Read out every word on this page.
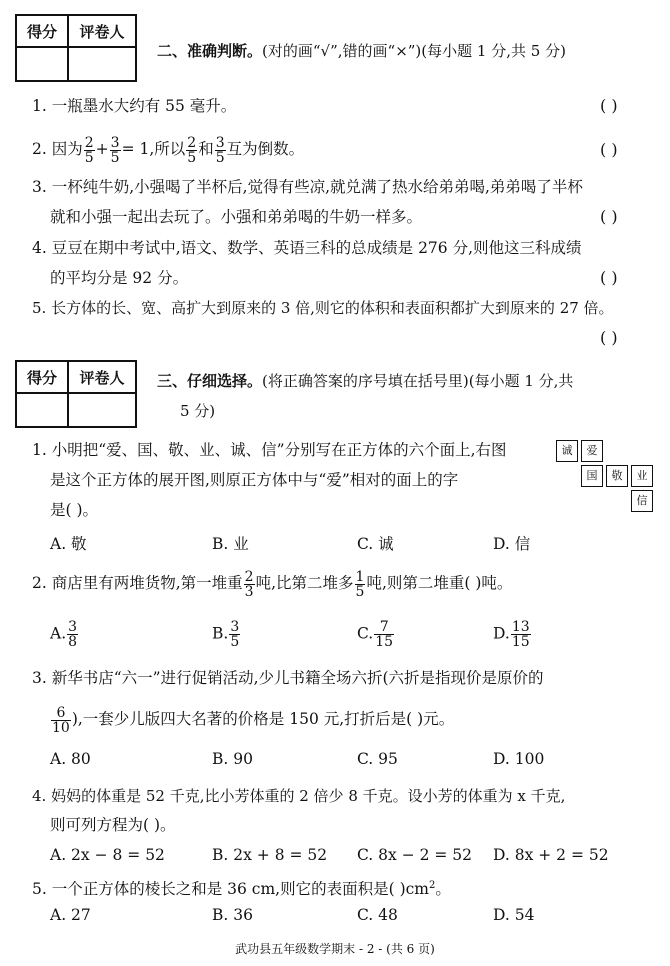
得分	评卷人

二、准确判断。(对的画“√”,错的画“×”)(每小题 1 分,共 5 分)
1. 一瓶墨水大约有 55 毫升。	( )
2. 因为 $\frac{2}{5} + \frac{3}{5} = 1$,所以 $\frac{2}{5}$ 和 $\frac{3}{5}$ 互为倒数。	( )
3. 一杯纯牛奶,小强喝了半杯后,觉得有些凉,就兑满了热水给弟弟喝,弟弟喝了半杯
就和小强一起出去玩了。小强和弟弟喝的牛奶一样多。	( )
4. 豆豆在期中考试中,语文、数学、英语三科的总成绩是 276 分,则他这三科成绩
的平均分是 92 分。	( )
5. 长方体的长、宽、高扩大到原来的 3 倍,则它的体积和表面积都扩大到原来的 27 倍。
( )
得分	评卷人
	三、仔细选择。(将正确答案的序号填在括号里)(每小题 1 分,共
5 分)
1. 小明把“爱、国、敬、业、诚、信”分别写在正方体的六个面上,右图
是这个正方体的展开图,则原正方体中与“爱”相对的面上的字
是( )。
诚	爱
国	敬	业
信
A. 敬	B. 业	C. 诚	D. 信
2. 商店里有两堆货物,第一堆重 $\frac{2}{3}$ 吨,比第二堆多 $\frac{1}{5}$ 吨,则第二堆重( )吨。
A. $\frac{3}{8}$	B. $\frac{3}{5}$	C. $\frac{7}{15}$	D. $\frac{13}{15}$
3. 新华书店“六一”进行促销活动,少儿书籍全场六折(六折是指现价是原价的
$\frac{6}{10}$ ),一套少儿版四大名著的价格是 150 元,打折后是( )元。
A. 80	B. 90	C. 95	D. 100
4. 妈妈的体重是 52 千克,比小芳体重的 2 倍少 8 千克。设小芳的体重为 x 千克,
则可列方程为( )。
A. 2x − 8 = 52	B. 2x + 8 = 52 C. 8x − 2 = 52 D. 8x + 2 = 52
5. 一个正方体的棱长之和是 36 cm,则它的表面积是( )$cm^2$。
A. 27	B. 36	C. 48	D. 54
武功县五年级数学期末 - 2 - (共 6 页)
